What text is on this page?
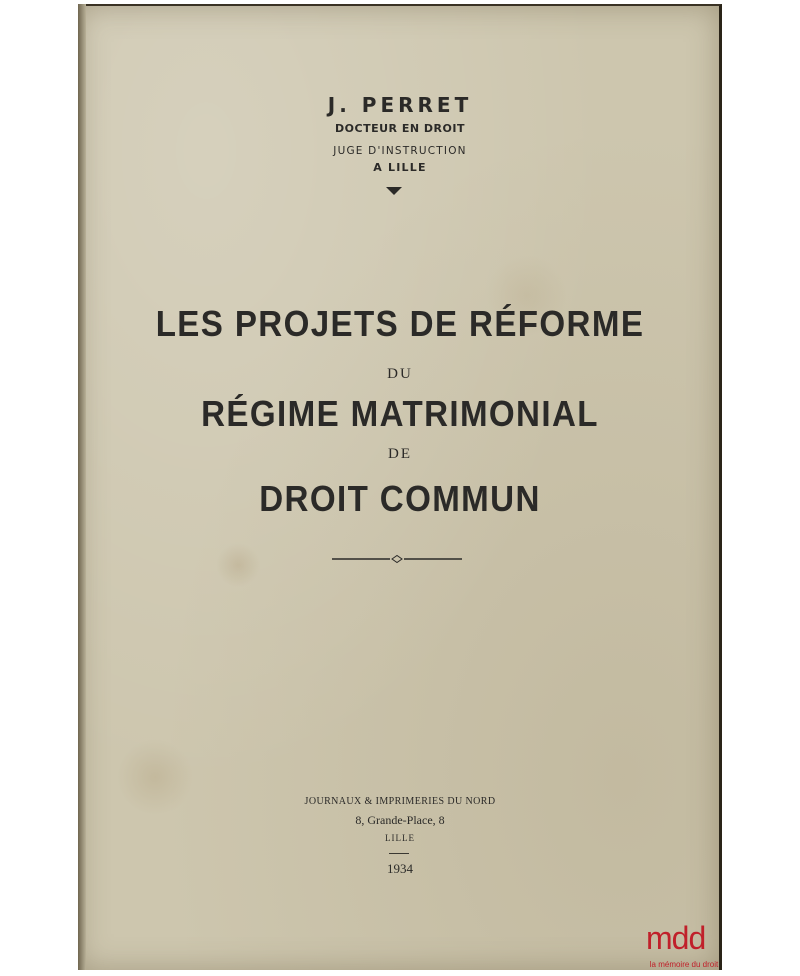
J. PERRET
DOCTEUR EN DROIT
JUGE D'INSTRUCTION
A LILLE
LES PROJETS DE RÉFORME
DU
RÉGIME MATRIMONIAL
DE
DROIT COMMUN
JOURNAUX & IMPRIMERIES DU NORD
8, Grande-Place, 8
LILLE
1934
mdd
la mémoire du droit
